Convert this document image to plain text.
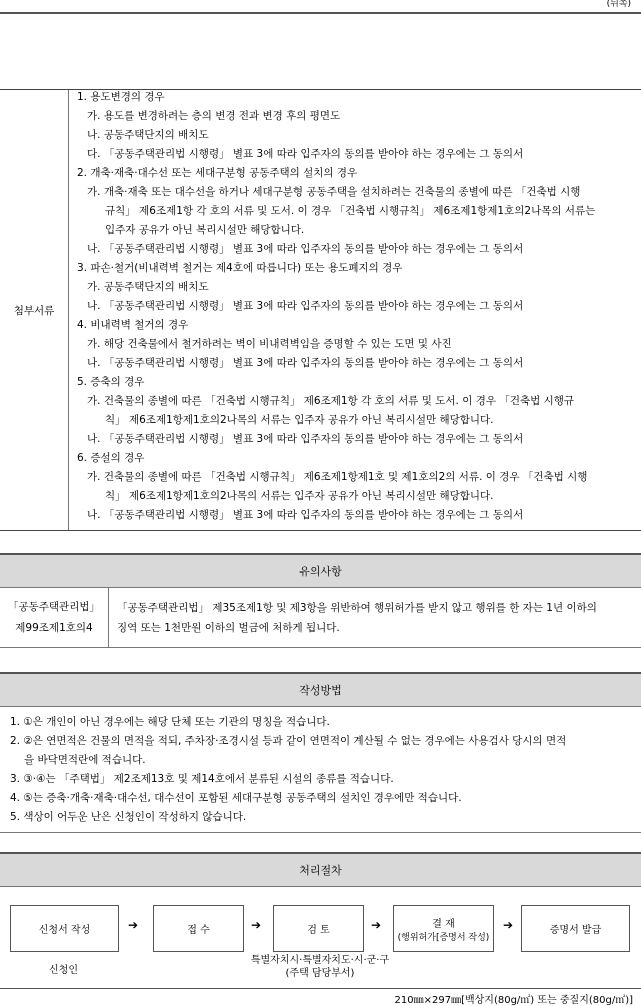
(뒤쪽)
첨부서류
1. 용도변경의 경우
가. 용도를 변경하려는 층의 변경 전과 변경 후의 평면도
나. 공동주택단지의 배치도
다. 「공동주택관리법 시행령」 별표 3에 따라 입주자의 동의를 받아야 하는 경우에는 그 동의서
2. 개축·재축·대수선 또는 세대구분형 공동주택의 설치의 경우
가. 개축·재축 또는 대수선을 하거나 세대구분형 공동주택을 설치하려는 건축물의 종별에 따른 「건축법 시행
규칙」 제6조제1항 각 호의 서류 및 도서. 이 경우 「건축법 시행규칙」 제6조제1항제1호의2나목의 서류는
입주자 공유가 아닌 복리시설만 해당합니다.
나. 「공동주택관리법 시행령」 별표 3에 따라 입주자의 동의를 받아야 하는 경우에는 그 동의서
3. 파손·철거(비내력벽 철거는 제4호에 따릅니다) 또는 용도폐지의 경우
가. 공동주택단지의 배치도
나. 「공동주택관리법 시행령」 별표 3에 따라 입주자의 동의를 받아야 하는 경우에는 그 동의서
4. 비내력벽 철거의 경우
가. 해당 건축물에서 철거하려는 벽이 비내력벽임을 증명할 수 있는 도면 및 사진
나. 「공동주택관리법 시행령」 별표 3에 따라 입주자의 동의를 받아야 하는 경우에는 그 동의서
5. 증축의 경우
가. 건축물의 종별에 따른 「건축법 시행규칙」 제6조제1항 각 호의 서류 및 도서. 이 경우 「건축법 시행규
칙」 제6조제1항제1호의2나목의 서류는 입주자 공유가 아닌 복리시설만 해당합니다.
나. 「공동주택관리법 시행령」 별표 3에 따라 입주자의 동의를 받아야 하는 경우에는 그 동의서
6. 증설의 경우
가. 건축물의 종별에 따른 「건축법 시행규칙」 제6조제1항제1호 및 제1호의2의 서류. 이 경우 「건축법 시행
칙」 제6조제1항제1호의2나목의 서류는 입주자 공유가 아닌 복리시설만 해당합니다.
나. 「공동주택관리법 시행령」 별표 3에 따라 입주자의 동의를 받아야 하는 경우에는 그 동의서
유의사항
「공동주택관리법」
제99조제1호의4
「공동주택관리법」 제35조제1항 및 제3항을 위반하여 행위허가를 받지 않고 행위를 한 자는 1년 이하의
징역 또는 1천만원 이하의 벌금에 처하게 됩니다.
작성방법
1. ①은 개인이 아닌 경우에는 해당 단체 또는 기관의 명칭을 적습니다.
2. ②은 연면적은 건물의 면적을 적되, 주차장·조경시설 등과 같이 연면적이 계산될 수 없는 경우에는 사용검사 당시의 면적
을 바닥면적란에 적습니다.
3. ③·④는 「주택법」 제2조제13호 및 제14호에서 분류된 시설의 종류를 적습니다.
4. ⑤는 증축·개축·재축·대수선, 대수선이 포함된 세대구분형 공동주택의 설치인 경우에만 적습니다.
5. 색상이 어두운 난은 신청인이 작성하지 않습니다.
처리절차
신청서 작성	➔	접 수	➔	검 토	➔	결 재
(행위허가[증명서 작성)
➔	증명서 발급
신청인
특별자치시·특별자치도·시·군·구
(주택 담당부서)
210㎜×297㎜[백상지(80g/㎡) 또는 중질지(80g/㎡)]
